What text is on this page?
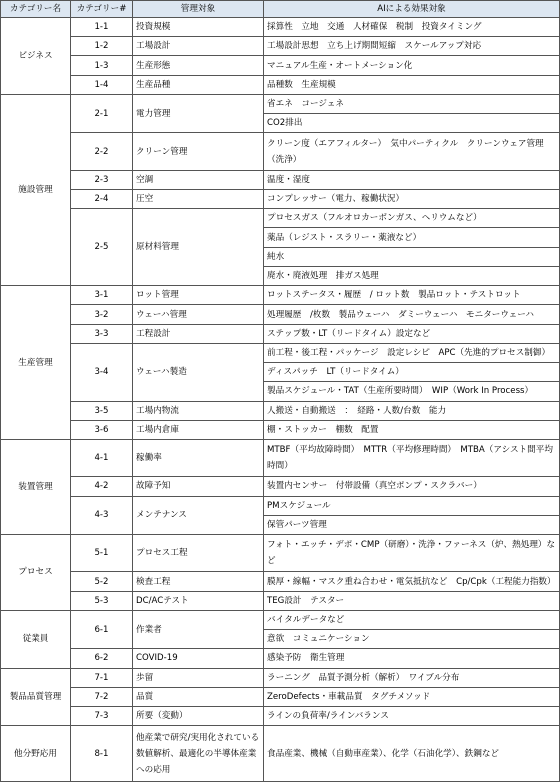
カテゴリー名	カテゴリー#	管理対象	AIによる効果対象
ビジネス	1-1	投資規模	採算性　立地　交通　人材確保　税制　投資タイミング
	1-2	工場設計	工場設計思想　立ち上げ期間短縮　スケールアップ対応
	1-3	生産形態	マニュアル生産・オートメーション化
	1-4	生産品種	品種数　生産規模
施設管理	2-1	電力管理	省エネ　コージェネ
			CO2排出
	2-2	クリーン管理	クリーン度（エアフィルター）　気中パーティクル　クリーンウェア管理（洗浄）
	2-3	空調	温度・湿度
	2-4	圧空	コンプレッサー（電力、稼働状況）
	2-5	原材料管理	プロセスガス（フルオロカーボンガス、ヘリウムなど）
			薬品（レジスト・スラリー・薬液など）
			純水
			廃水・廃液処理　排ガス処理
生産管理	3-1	ロット管理	ロットステータス・履歴　/ ロット数　製品ロット・テストロット
	3-2	ウェーハ管理	処理履歴　/枚数　製品ウェーハ　ダミーウェーハ　モニターウェーハ
	3-3	工程設計	ステップ数・LT（リードタイム）設定など
	3-4	ウェーハ製造	前工程・後工程・パッケージ　設定レシピ　APC（先進的プロセス制御）
			ディスパッチ　LT（リードタイム）
			製品スケジュール・TAT（生産所要時間）　WIP（Work In Process）
	3-5	工場内物流	人搬送・自動搬送　：　経路・人数/台数　能力
	3-6	工場内倉庫	棚・ストッカー　棚数　配置
装置管理	4-1	稼働率	MTBF（平均故障時間）　MTTR（平均修理時間）　MTBA（アシスト間平均時間）
	4-2	故障予知	装置内センサー　付帯設備（真空ポンプ・スクラバー）
	4-3	メンテナンス	PMスケジュール
			保管パーツ管理
プロセス	5-1	プロセス工程	フォト・エッチ・デポ・CMP（研磨）・洗浄・ファーネス（炉、熱処理）など
	5-2	検査工程	膜厚・線幅・マスク重ね合わせ・電気抵抗など　Cp/Cpk（工程能力指数）
	5-3	DC/ACテスト	TEG設計　テスター
従業員	6-1	作業者	バイタルデータなど
			意欲　コミュニケーション
	6-2	COVID-19	感染予防　衛生管理
製品品質管理	7-1	歩留	ラーニング　品質予測分析（解析）　ワイブル分布
	7-2	品質	ZeroDefects・車載品質　タグチメソッド
	7-3	所要（変動）	ラインの負荷率/ラインバランス
他分野応用	8-1	他産業で研究/実用化されている数値解析、最適化の半導体産業への応用	食品産業、機械（自動車産業）、化学（石油化学）、鉄鋼など
